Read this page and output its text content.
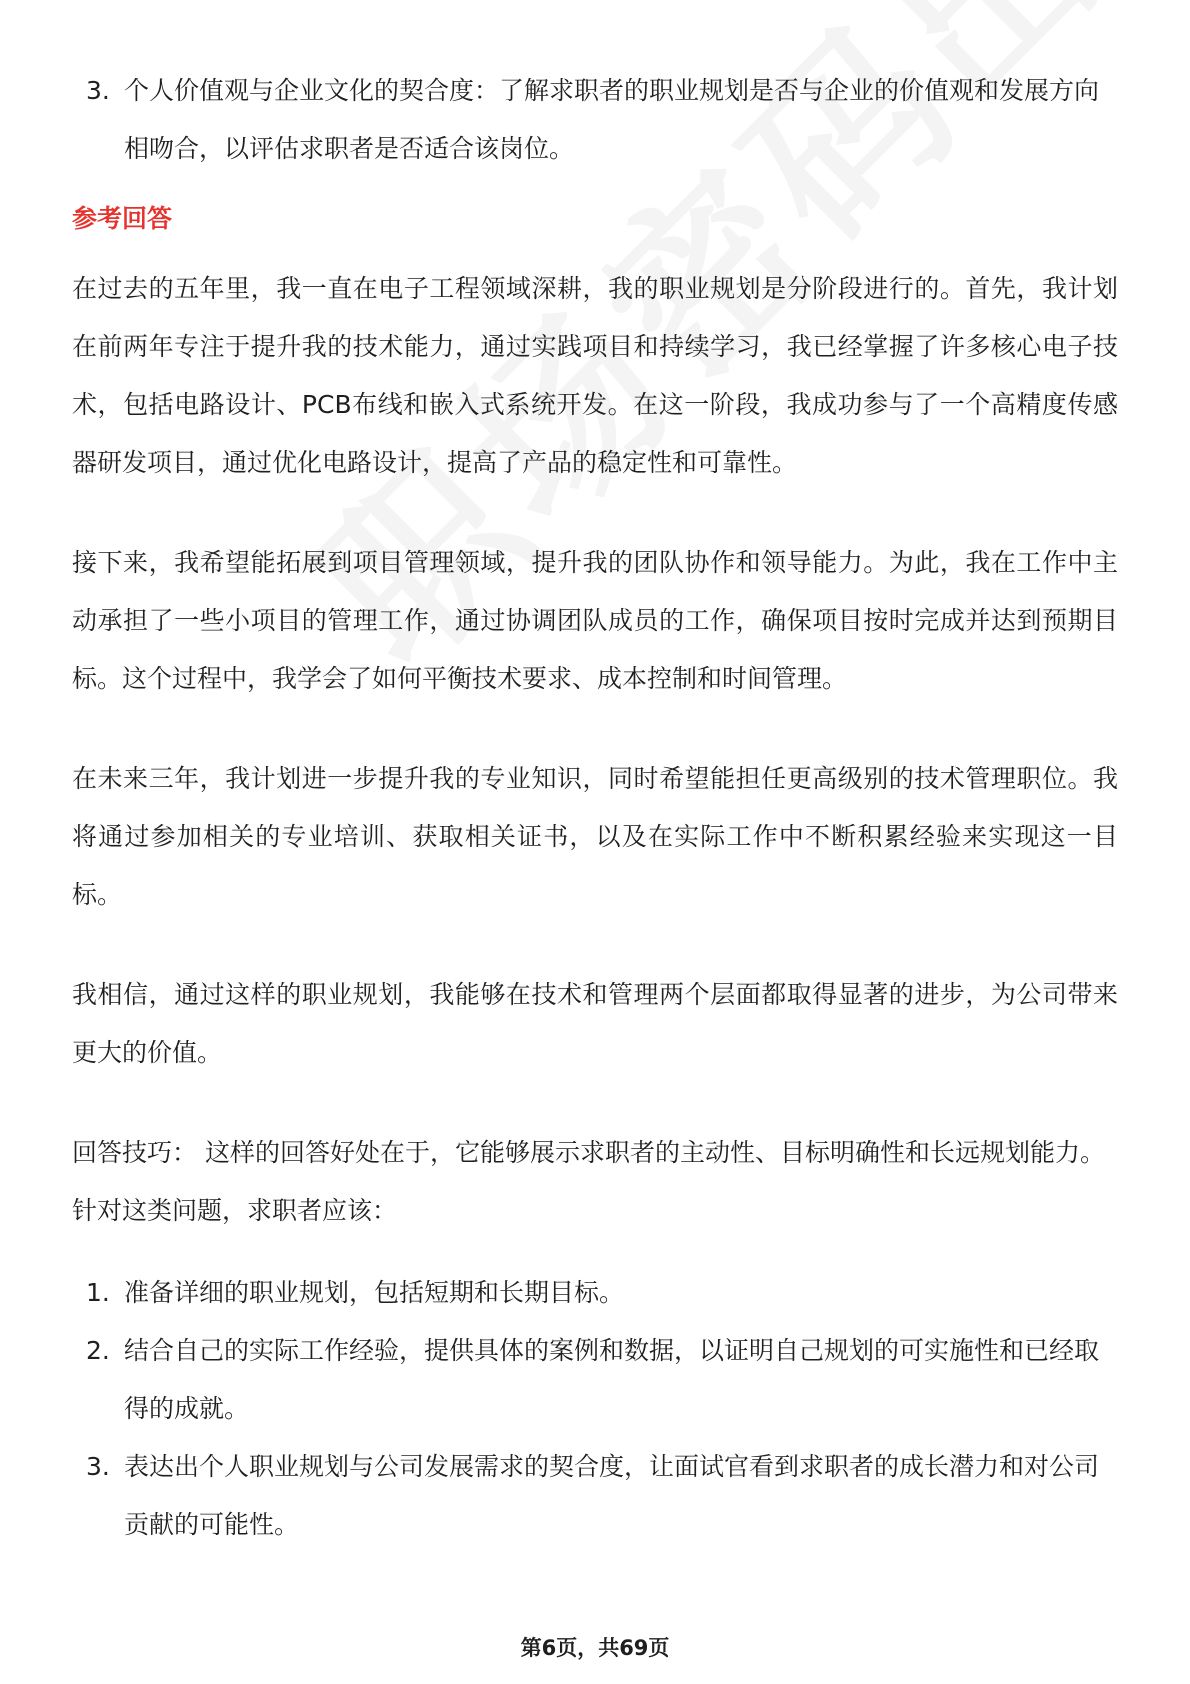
3. 个人价值观与企业文化的契合度：了解求职者的职业规划是否与企业的价值观和发展方向相吻合，以评估求职者是否适合该岗位。
参考回答

在过去的五年里，我一直在电子工程领域深耕，我的职业规划是分阶段进行的。首先，我计划在前两年专注于提升我的技术能力，通过实践项目和持续学习，我已经掌握了许多核心电子技术，包括电路设计、PCB布线和嵌入式系统开发。在这一阶段，我成功参与了一个高精度传感器研发项目，通过优化电路设计，提高了产品的稳定性和可靠性。

接下来，我希望能拓展到项目管理领域，提升我的团队协作和领导能力。为此，我在工作中主动承担了一些小项目的管理工作，通过协调团队成员的工作，确保项目按时完成并达到预期目标。这个过程中，我学会了如何平衡技术要求、成本控制和时间管理。

在未来三年，我计划进一步提升我的专业知识，同时希望能担任更高级别的技术管理职位。我将通过参加相关的专业培训、获取相关证书，以及在实际工作中不断积累经验来实现这一目标。

我相信，通过这样的职业规划，我能够在技术和管理两个层面都取得显著的进步，为公司带来更大的价值。

回答技巧： 这样的回答好处在于，它能够展示求职者的主动性、目标明确性和长远规划能力。针对这类问题，求职者应该：

1. 准备详细的职业规划，包括短期和长期目标。
2. 结合自己的实际工作经验，提供具体的案例和数据，以证明自己规划的可实施性和已经取得的成就。
3. 表达出个人职业规划与公司发展需求的契合度，让面试官看到求职者的成长潜力和对公司贡献的可能性。
第6页，共69页
